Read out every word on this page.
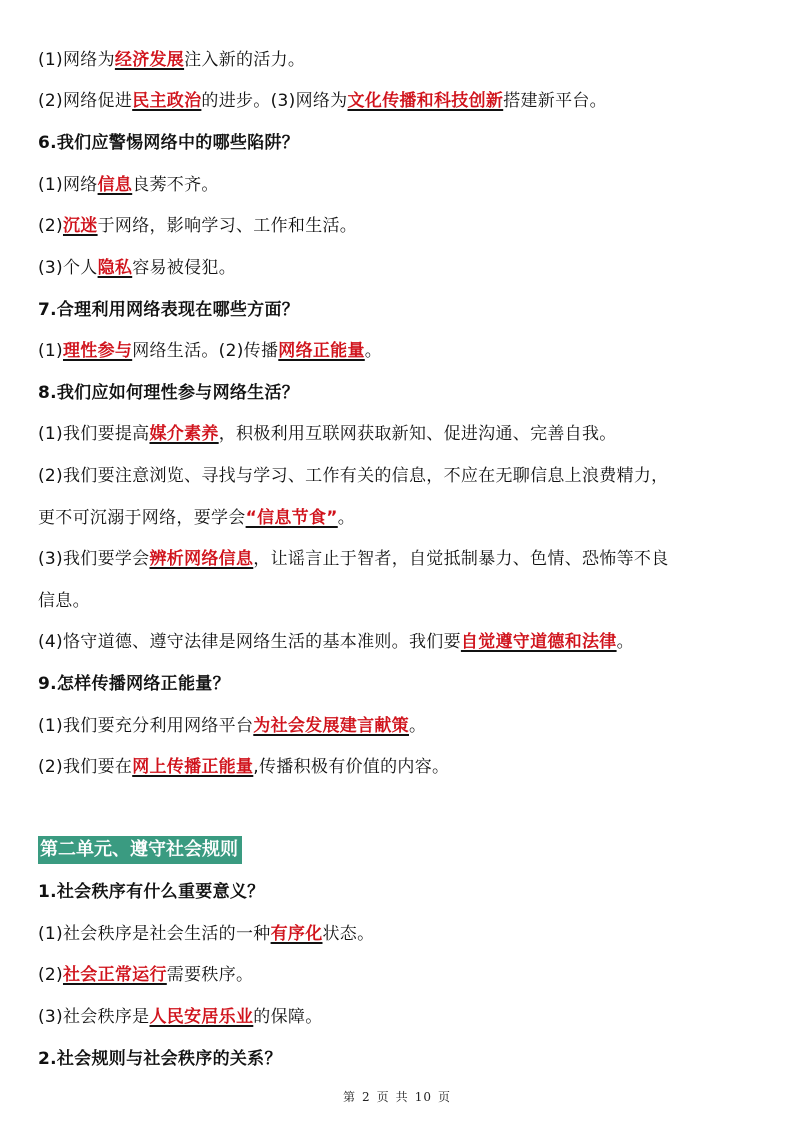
(1)网络为经济发展注入新的活力。
(2)网络促进民主政治的进步。(3)网络为文化传播和科技创新搭建新平台。
6.我们应警惕网络中的哪些陷阱？
(1)网络信息良莠不齐。
(2)沉迷于网络，影响学习、工作和生活。
(3)个人隐私容易被侵犯。
7.合理利用网络表现在哪些方面？
(1)理性参与网络生活。(2)传播网络正能量。
8.我们应如何理性参与网络生活？
(1)我们要提高媒介素养，积极利用互联网获取新知、促进沟通、完善自我。
(2)我们要注意浏览、寻找与学习、工作有关的信息，不应在无聊信息上浪费精力，
更不可沉溺于网络，要学会“信息节食”。
(3)我们要学会辨析网络信息，让谣言止于智者，自觉抵制暴力、色情、恐怖等不良
信息。
(4)恪守道德、遵守法律是网络生活的基本准则。我们要自觉遵守道德和法律。
9.怎样传播网络正能量？
(1)我们要充分利用网络平台为社会发展建言献策。
(2)我们要在网上传播正能量,传播积极有价值的内容。
第二单元、遵守社会规则
1.社会秩序有什么重要意义？
(1)社会秩序是社会生活的一种有序化状态。
(2)社会正常运行需要秩序。
(3)社会秩序是人民安居乐业的保障。
2.社会规则与社会秩序的关系？
第 2 页 共 10 页
